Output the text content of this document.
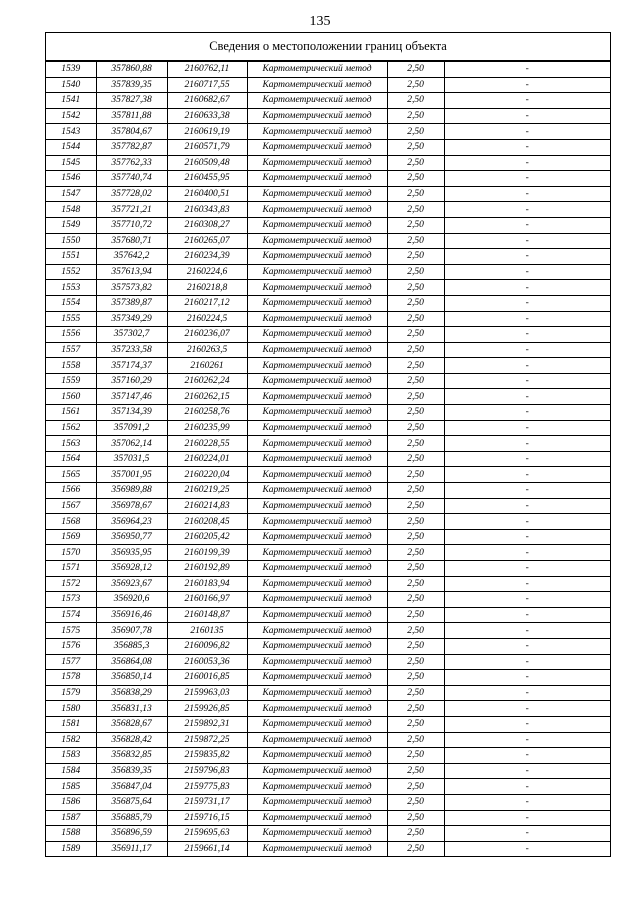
135
Сведения о местоположении границ объекта
1539	357860,88	2160762,11	Картометрический метод	2,50	-
1540	357839,35	2160717,55	Картометрический метод	2,50	-
1541	357827,38	2160682,67	Картометрический метод	2,50	-
1542	357811,88	2160633,38	Картометрический метод	2,50	-
1543	357804,67	2160619,19	Картометрический метод	2,50	-
1544	357782,87	2160571,79	Картометрический метод	2,50	-
1545	357762,33	2160509,48	Картометрический метод	2,50	-
1546	357740,74	2160455,95	Картометрический метод	2,50	-
1547	357728,02	2160400,51	Картометрический метод	2,50	-
1548	357721,21	2160343,83	Картометрический метод	2,50	-
1549	357710,72	2160308,27	Картометрический метод	2,50	-
1550	357680,71	2160265,07	Картометрический метод	2,50	-
1551	357642,2	2160234,39	Картометрический метод	2,50	-
1552	357613,94	2160224,6	Картометрический метод	2,50	-
1553	357573,82	2160218,8	Картометрический метод	2,50	-
1554	357389,87	2160217,12	Картометрический метод	2,50	-
1555	357349,29	2160224,5	Картометрический метод	2,50	-
1556	357302,7	2160236,07	Картометрический метод	2,50	-
1557	357233,58	2160263,5	Картометрический метод	2,50	-
1558	357174,37	2160261	Картометрический метод	2,50	-
1559	357160,29	2160262,24	Картометрический метод	2,50	-
1560	357147,46	2160262,15	Картометрический метод	2,50	-
1561	357134,39	2160258,76	Картометрический метод	2,50	-
1562	357091,2	2160235,99	Картометрический метод	2,50	-
1563	357062,14	2160228,55	Картометрический метод	2,50	-
1564	357031,5	2160224,01	Картометрический метод	2,50	-
1565	357001,95	2160220,04	Картометрический метод	2,50	-
1566	356989,88	2160219,25	Картометрический метод	2,50	-
1567	356978,67	2160214,83	Картометрический метод	2,50	-
1568	356964,23	2160208,45	Картометрический метод	2,50	-
1569	356950,77	2160205,42	Картометрический метод	2,50	-
1570	356935,95	2160199,39	Картометрический метод	2,50	-
1571	356928,12	2160192,89	Картометрический метод	2,50	-
1572	356923,67	2160183,94	Картометрический метод	2,50	-
1573	356920,6	2160166,97	Картометрический метод	2,50	-
1574	356916,46	2160148,87	Картометрический метод	2,50	-
1575	356907,78	2160135	Картометрический метод	2,50	-
1576	356885,3	2160096,82	Картометрический метод	2,50	-
1577	356864,08	2160053,36	Картометрический метод	2,50	-
1578	356850,14	2160016,85	Картометрический метод	2,50	-
1579	356838,29	2159963,03	Картометрический метод	2,50	-
1580	356831,13	2159926,85	Картометрический метод	2,50	-
1581	356828,67	2159892,31	Картометрический метод	2,50	-
1582	356828,42	2159872,25	Картометрический метод	2,50	-
1583	356832,85	2159835,82	Картометрический метод	2,50	-
1584	356839,35	2159796,83	Картометрический метод	2,50	-
1585	356847,04	2159775,83	Картометрический метод	2,50	-
1586	356875,64	2159731,17	Картометрический метод	2,50	-
1587	356885,79	2159716,15	Картометрический метод	2,50	-
1588	356896,59	2159695,63	Картометрический метод	2,50	-
1589	356911,17	2159661,14	Картометрический метод	2,50	-
